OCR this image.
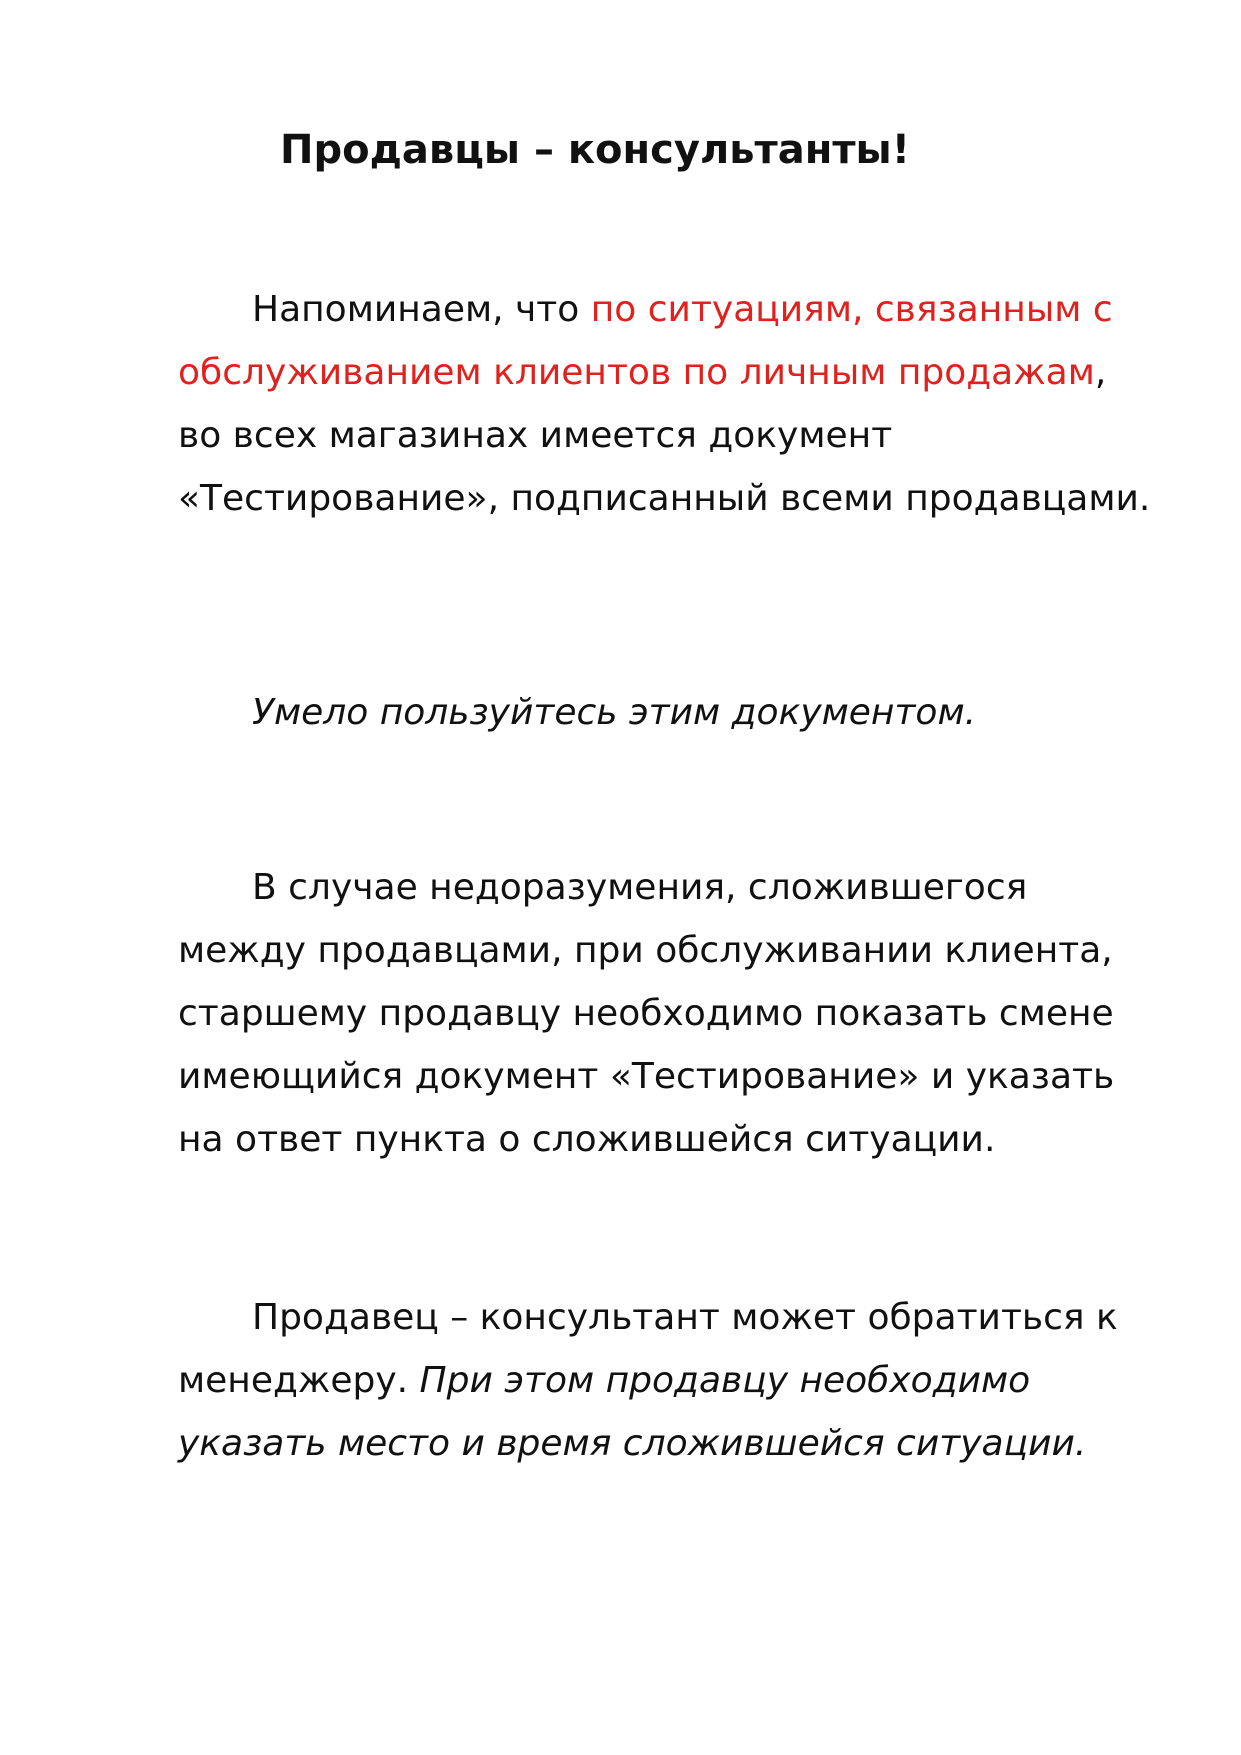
Продавцы – консультанты!

Напоминаем, что по ситуациям, связанным с обслуживанием клиентов по личным продажам, во всех магазинах имеется документ «Тестирование», подписанный всеми продавцами.

Умело пользуйтесь этим документом.

В случае недоразумения, сложившегося между продавцами, при обслуживании клиента, старшему продавцу необходимо показать смене имеющийся документ «Тестирование» и указать на ответ пункта о сложившейся ситуации.

Продавец – консультант может обратиться к менеджеру. При этом продавцу необходимо указать место и время сложившейся ситуации.
